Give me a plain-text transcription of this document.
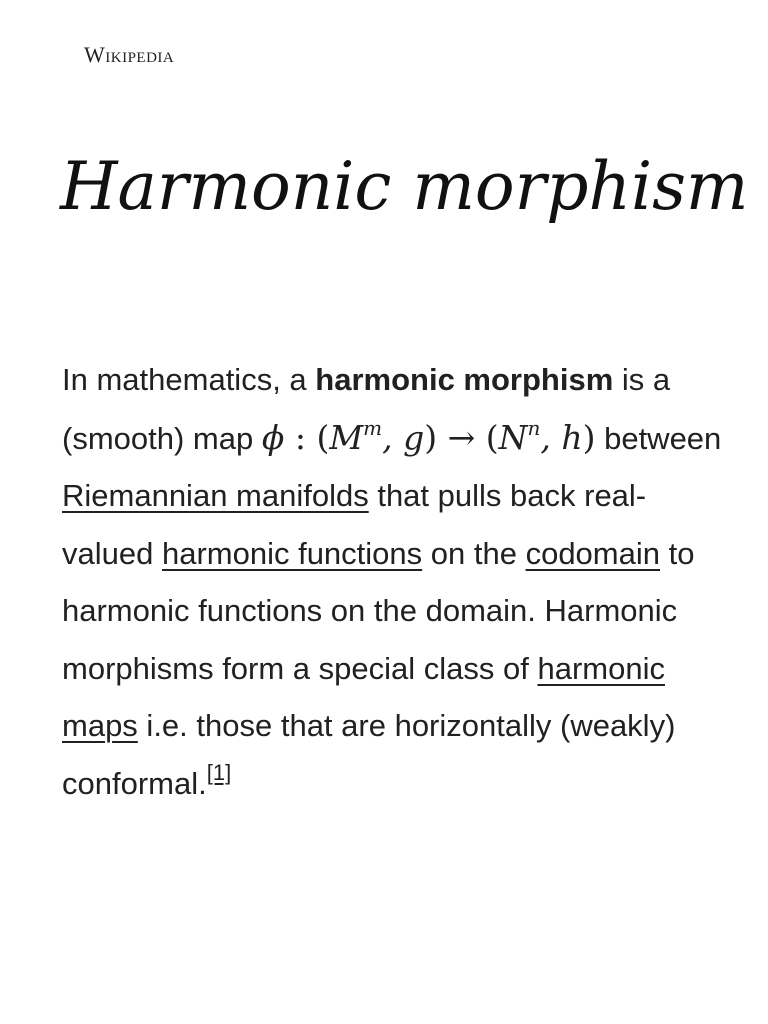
Wikipedia
Harmonic morphism

In mathematics, a harmonic morphism is a (smooth) map ϕ : ($M^m$, $g) \to (N^n$, h) between Riemannian manifolds that pulls back real-valued harmonic functions on the codomain to harmonic functions on the domain. Harmonic morphisms form a special class of harmonic maps i.e. those that are horizontally (weakly) conformal.[1]
